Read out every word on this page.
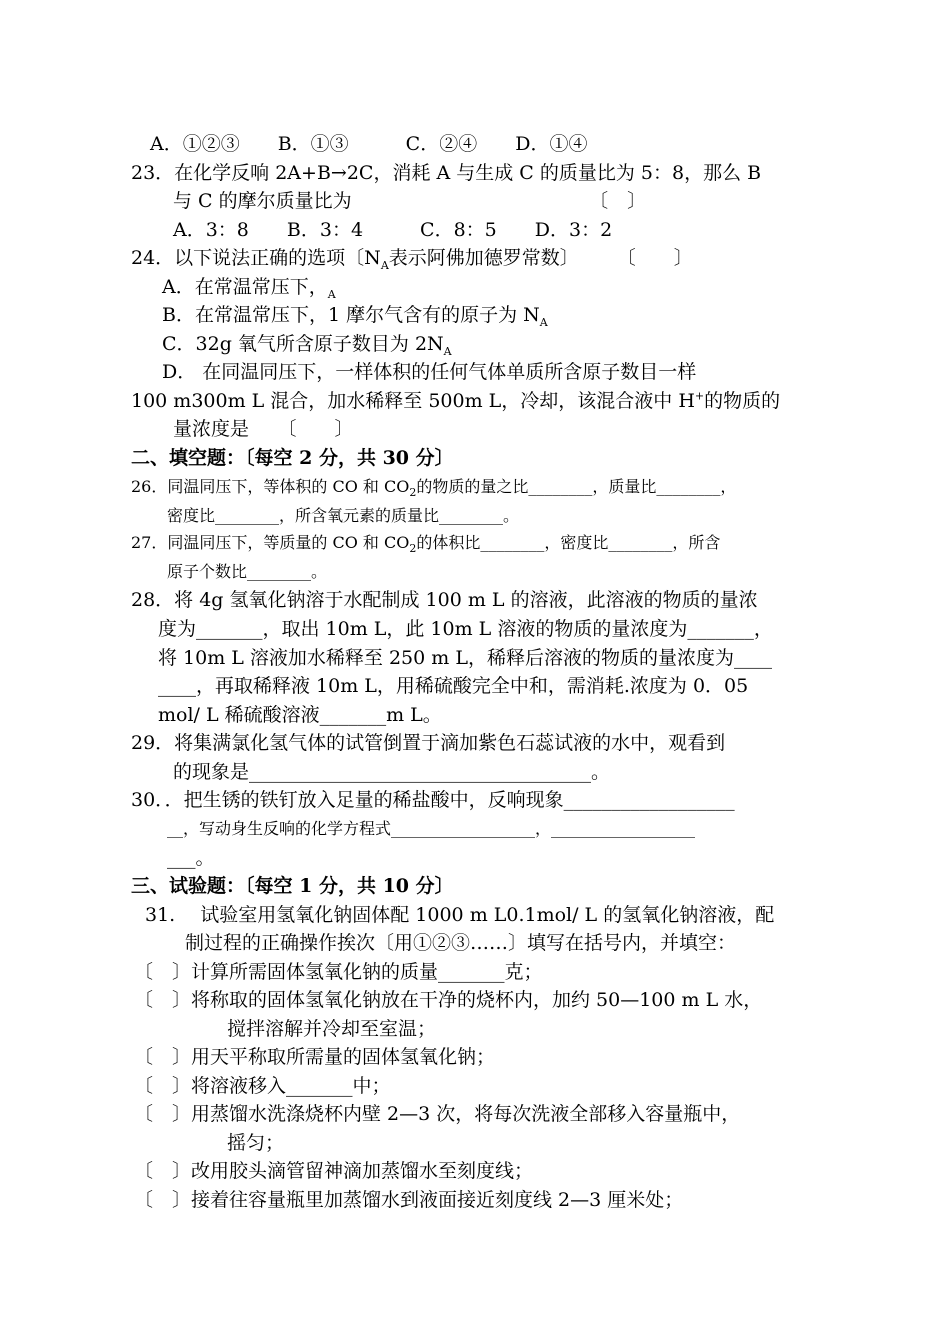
A．①②③　　B．①③　　　C．②④　　D．①④
23．在化学反响 2A+B→2C，消耗 A 与生成 C 的质量比为 5：8，那么 B
与 C 的摩尔质量比为　　　　　　　　　　　　　〔　〕
A．3：8　　B．3：4　　　C．8：5　　D．3：2
24．以下说法正确的选项〔$N_A$表示阿佛加德罗常数〕　　　〔　　〕
A．在常温常压下，$_A$
B．在常温常压下，1 摩尔气含有的原子为 $N_A$
C．32g 氧气所含原子数目为 $2N_A$
D． 在同温同压下，一样体积的任何气体单质所含原子数目一样
100 m300m L 混合，加水稀释至 500m L，冷却，该混合液中 H+的物质的
量浓度是　　〔　　〕
二、填空题：〔每空 2 分，共 30 分〕
26．同温同压下，等体积的 CO 和 $CO_2$的物质的量之比________，质量比________，
密度比________，所含氧元素的质量比________。
27．同温同压下，等质量的 CO 和 $CO_2$的体积比________，密度比________，所含
原子个数比________。
28．将 4g 氢氧化钠溶于水配制成 100 m L 的溶液，此溶液的物质的量浓
度为_______，取出 10m L，此 10m L 溶液的物质的量浓度为_______，
将 10m L 溶液加水稀释至 250 m L，稀释后溶液的物质的量浓度为____
____，再取稀释液 10m L，用稀硫酸完全中和，需消耗.浓度为 0．05
mol/ L 稀硫酸溶液_______m L。
29．将集满氯化氢气体的试管倒置于滴加紫色石蕊试液的水中，观看到
的现象是____________________________________。
30．．把生锈的铁钉放入足量的稀盐酸中，反响现象__________________
__，写动身生反响的化学方程式__________________，__________________
___。
三、试验题：〔每空 1 分，共 10 分〕
31.　 试验室用氢氧化钠固体配 1000 m L0.1mol/ L 的氢氧化钠溶液，配
制过程的正确操作挨次〔用①②③……〕填写在括号内，并填空：
〔　〕计算所需固体氢氧化钠的质量_______克；
〔　〕将称取的固体氢氧化钠放在干净的烧杯内，加约 50—100 m L 水，
搅拌溶解并冷却至室温；
〔　〕用天平称取所需量的固体氢氧化钠；
〔　〕将溶液移入_______中；
〔　〕用蒸馏水洗涤烧杯内壁 2—3 次，将每次洗液全部移入容量瓶中，
摇匀；
〔　〕改用胶头滴管留神滴加蒸馏水至刻度线；
〔　〕接着往容量瓶里加蒸馏水到液面接近刻度线 2—3 厘米处；
